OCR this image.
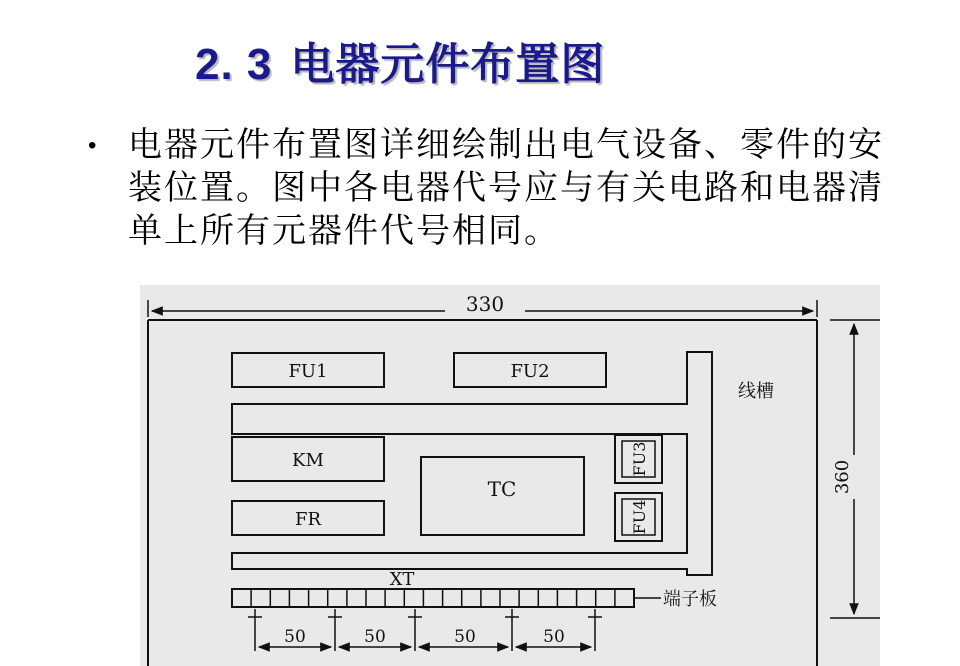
2. 3 电器元件布置图
• 电器元件布置图详细绘制出电气设备、零件的安装位置。图中各电器代号应与有关电路和电器清单上所有元器件代号相同。
330
360
FU1	FU2
线槽
KM
FR
TC
FU3
FU4
XT
端子板
50	50	50	50
